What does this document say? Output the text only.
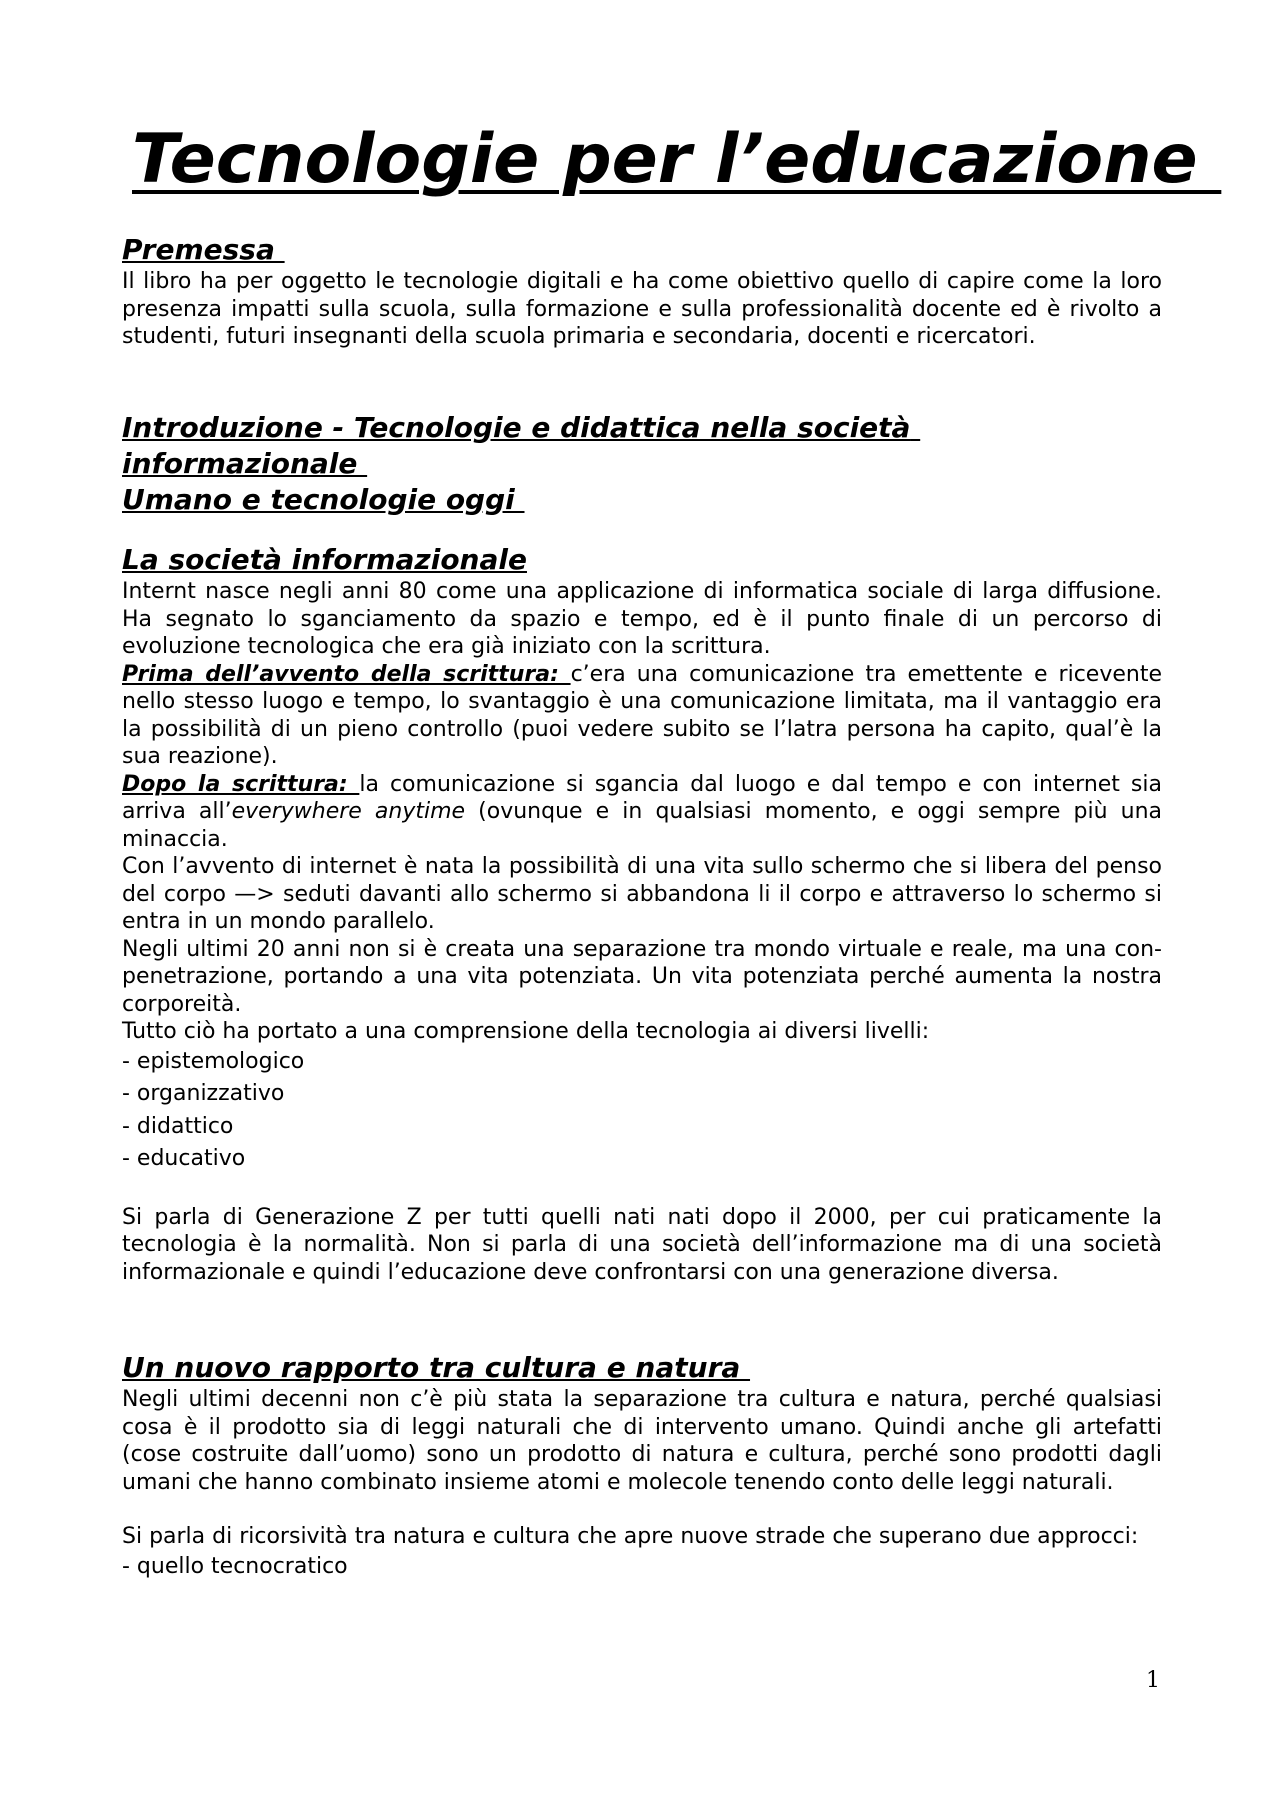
Tecnologie per l’educazione
Premessa

Il libro ha per oggetto le tecnologie digitali e ha come obiettivo quello di capire come la loro presenza impatti sulla scuola, sulla formazione e sulla professionalità docente ed è rivolto a studenti, futuri insegnanti della scuola primaria e secondaria, docenti e ricercatori.

Introduzione - Tecnologie e didattica nella società informazionale
Umano e tecnologie oggi
La società informazionale

Internt nasce negli anni 80 come una applicazione di informatica sociale di larga diffusione. Ha segnato lo sganciamento da spazio e tempo, ed è il punto finale di un percorso di evoluzione tecnologica che era già iniziato con la scrittura.

Prima dell’avvento della scrittura: c’era una comunicazione tra emettente e ricevente nello stesso luogo e tempo, lo svantaggio è una comunicazione limitata, ma il vantaggio era la possibilità di un pieno controllo (puoi vedere subito se l’latra persona ha capito, qual’è la sua reazione).

Dopo la scrittura: la comunicazione si sgancia dal luogo e dal tempo e con internet sia arriva all’everywhere anytime (ovunque e in qualsiasi momento, e oggi sempre più una minaccia.

Con l’avvento di internet è nata la possibilità di una vita sullo schermo che si libera del penso del corpo —> seduti davanti allo schermo si abbandona li il corpo e attraverso lo schermo si entra in un mondo parallelo.

Negli ultimi 20 anni non si è creata una separazione tra mondo virtuale e reale, ma una con-penetrazione, portando a una vita potenziata. Un vita potenziata perché aumenta la nostra corporeità.

Tutto ciò ha portato a una comprensione della tecnologia ai diversi livelli:

- epistemologico
- organizzativo
- didattico
- educativo

Si parla di Generazione Z per tutti quelli nati nati dopo il 2000, per cui praticamente la tecnologia è la normalità. Non si parla di una società dell’informazione ma di una società informazionale e quindi l’educazione deve confrontarsi con una generazione diversa.

Un nuovo rapporto tra cultura e natura

Negli ultimi decenni non c’è più stata la separazione tra cultura e natura, perché qualsiasi cosa è il prodotto sia di leggi naturali che di intervento umano. Quindi anche gli artefatti (cose costruite dall’uomo) sono un prodotto di natura e cultura, perché sono prodotti dagli umani che hanno combinato insieme atomi e molecole tenendo conto delle leggi naturali.

Si parla di ricorsività tra natura e cultura che apre nuove strade che superano due approcci:

- quello tecnocratico
1
